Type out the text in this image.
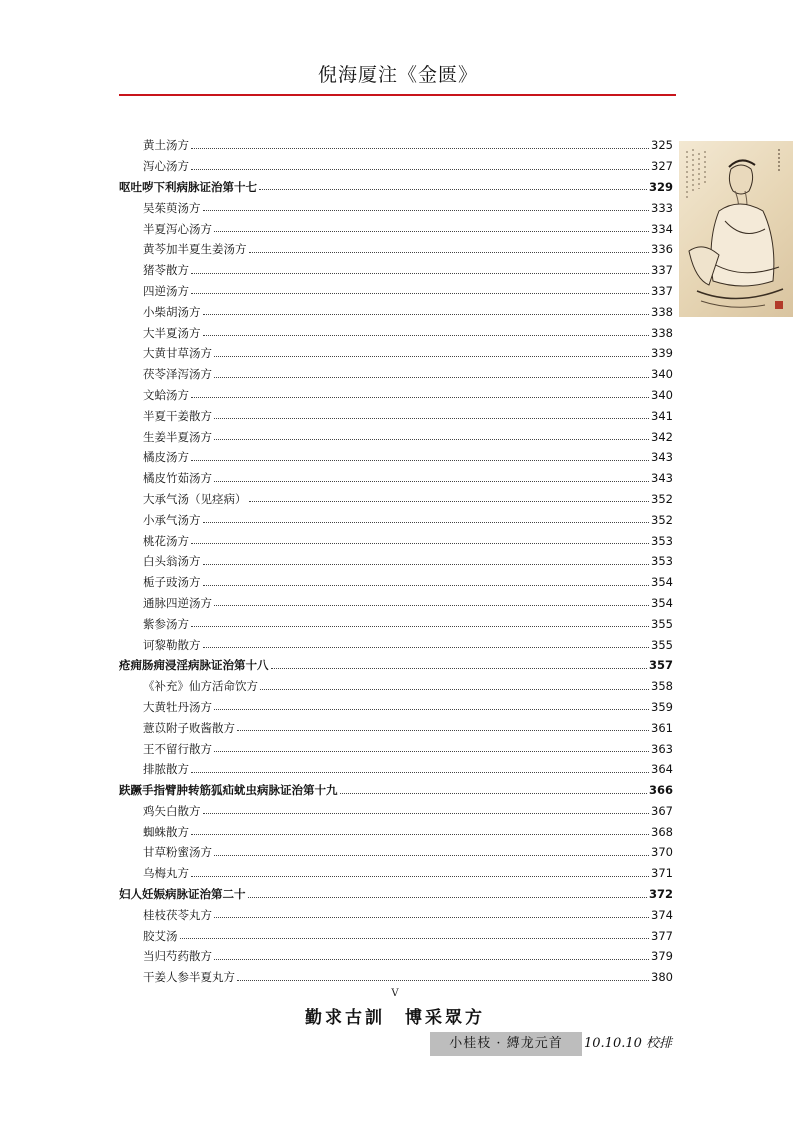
倪海厦注《金匮》
黄土汤方	325
泻心汤方	327
呕吐哕下利病脉证治第十七	329
吴茱萸汤方	333
半夏泻心汤方	334
黄芩加半夏生姜汤方	336
猪苓散方	337
四逆汤方	337
小柴胡汤方	338
大半夏汤方	338
大黄甘草汤方	339
茯苓泽泻汤方	340
文蛤汤方	340
半夏干姜散方	341
生姜半夏汤方	342
橘皮汤方	343
橘皮竹茹汤方	343
大承气汤（见痉病）	352
小承气汤方	352
桃花汤方	353
白头翁汤方	353
栀子豉汤方	354
通脉四逆汤方	354
紫参汤方	355
诃黎勒散方	355
疮痈肠痈浸淫病脉证治第十八	357
《补充》仙方活命饮方	358
大黄牡丹汤方	359
薏苡附子败酱散方	361
王不留行散方	363
排脓散方	364
趺蹶手指臂肿转筋狐疝蚘虫病脉证治第十九	366
鸡矢白散方	367
蜘蛛散方	368
甘草粉蜜汤方	370
乌梅丸方	371
妇人妊娠病脉证治第二十	372
桂枝茯苓丸方	374
胶艾汤	377
当归芍药散方	379
干姜人参半夏丸方	380
V
勤求古訓　博采眾方
小桂枝 · 縛龙元首	10.10.10 校排
